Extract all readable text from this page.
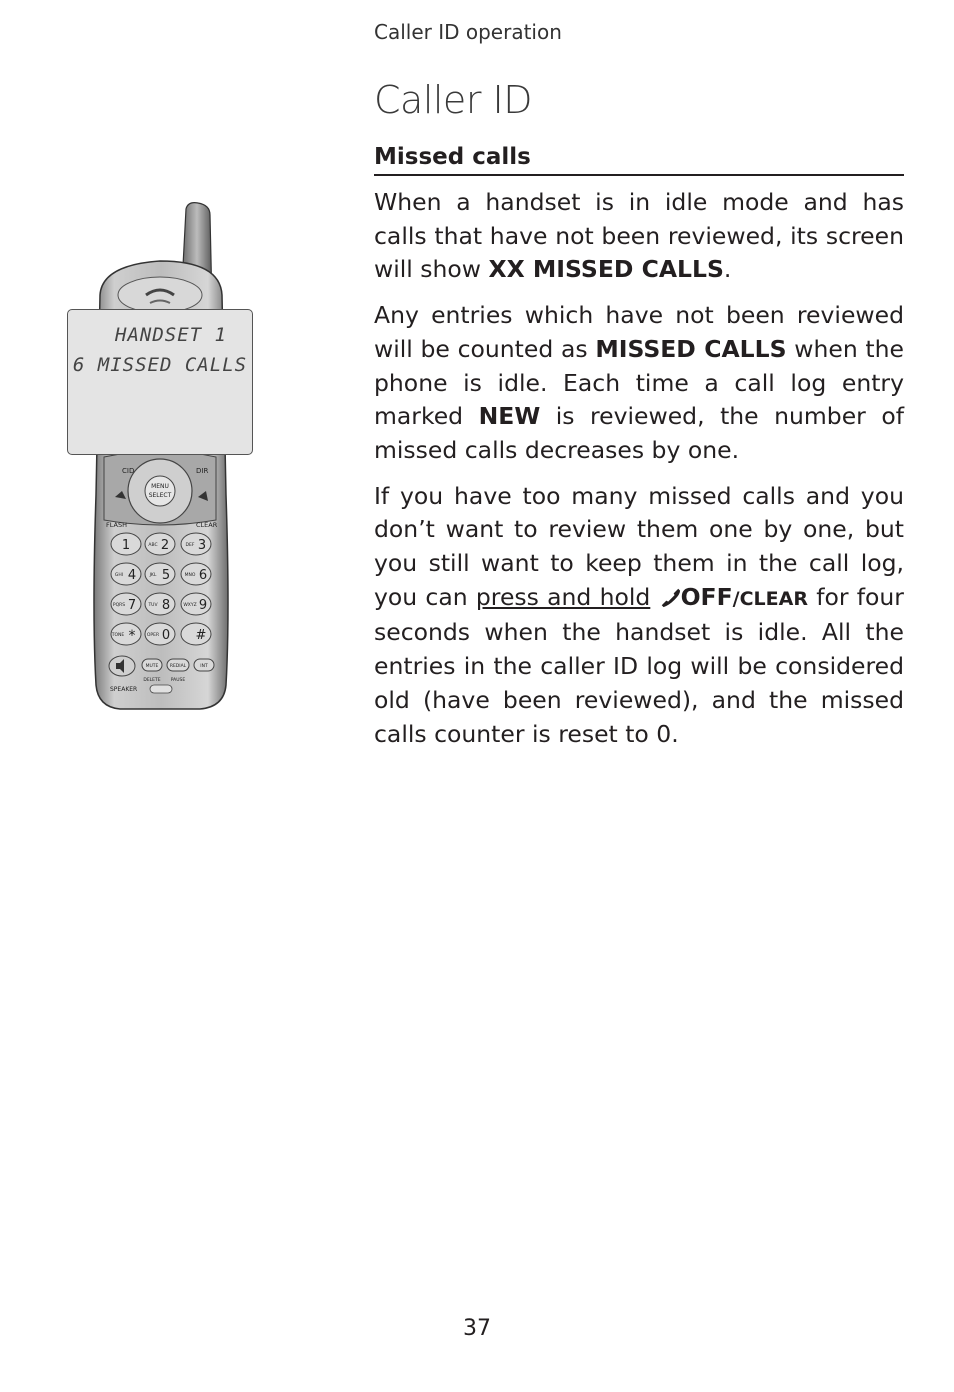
Caller ID operation
Caller ID
Missed calls

When a handset is in idle mode and has calls that have not been reviewed, its screen will show XX MISSED CALLS.

Any entries which have not been reviewed will be counted as MISSED CALLS when the phone is idle. Each time a call log entry marked NEW is reviewed, the number of missed calls decreases by one.

If you have too many missed calls and you don’t want to review them one by one, but you still want to keep them in the call log, you can press and hold OFF/CLEAR for four seconds when the handset is idle. All the entries in the caller ID log will be considered old (have been reviewed), and the missed calls counter is reset to 0.

MENU
SELECT
CID	DIR
FLASH	CLEAR
1 2
ABC	3
DEF
4
GHI	5
JKL	6
MNO
7
PQRS	8
TUV	9
WXYZ
*
TONE	0
OPER	#
MUTE	REDIAL	INT
DELETE PAUSE
SPEAKER
HANDSET 1
6 MISSED CALLS
37
